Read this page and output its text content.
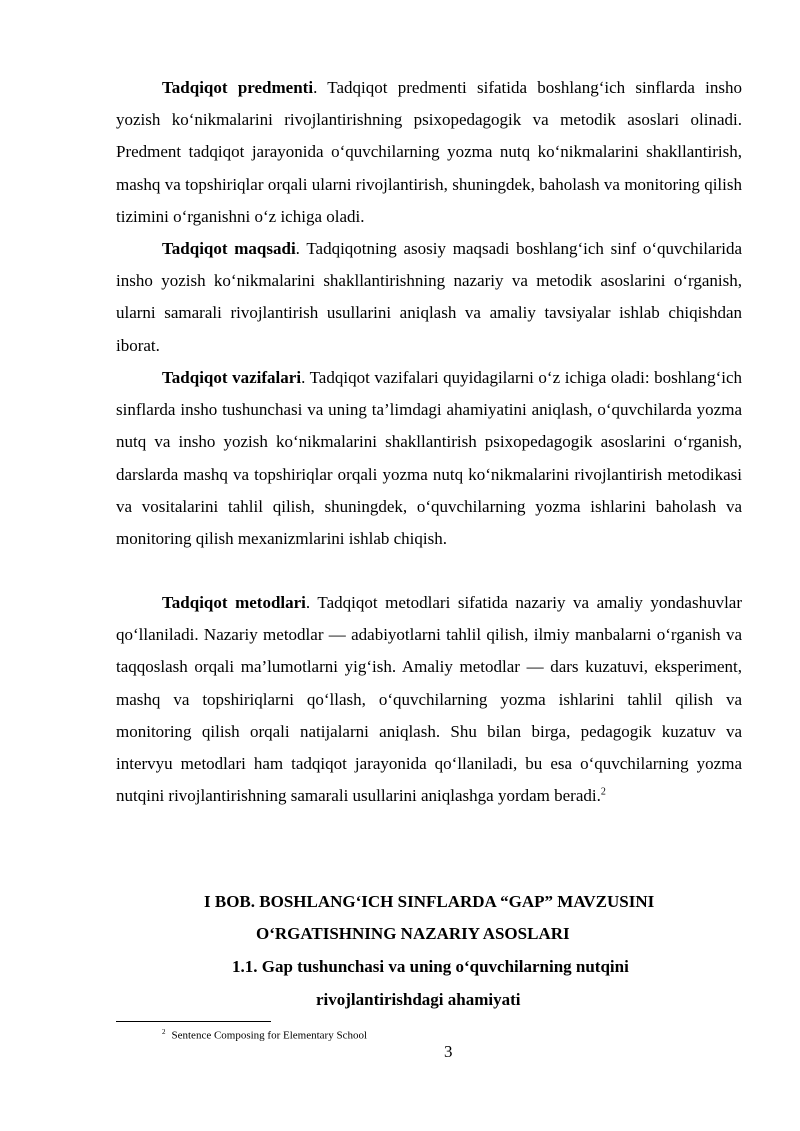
Tadqiqot predmenti. Tadqiqot predmenti sifatida boshlang‘ich sinflarda insho yozish ko‘nikmalarini rivojlantirishning psixopedagogik va metodik asoslari olinadi. Predment tadqiqot jarayonida o‘quvchilarning yozma nutq ko‘nikmalarini shakllantirish, mashq va topshiriqlar orqali ularni rivojlantirish, shuningdek, baholash va monitoring qilish tizimini o‘rganishni o‘z ichiga oladi.

Tadqiqot maqsadi. Tadqiqotning asosiy maqsadi boshlang‘ich sinf o‘quvchilarida insho yozish ko‘nikmalarini shakllantirishning nazariy va metodik asoslarini o‘rganish, ularni samarali rivojlantirish usullarini aniqlash va amaliy tavsiyalar ishlab chiqishdan iborat.

Tadqiqot vazifalari. Tadqiqot vazifalari quyidagilarni o‘z ichiga oladi: boshlang‘ich sinflarda insho tushunchasi va uning ta’limdagi ahamiyatini aniqlash, o‘quvchilarda yozma nutq va insho yozish ko‘nikmalarini shakllantirish psixopedagogik asoslarini o‘rganish, darslarda mashq va topshiriqlar orqali yozma nutq ko‘nikmalarini rivojlantirish metodikasi va vositalarini tahlil qilish, shuningdek, o‘quvchilarning yozma ishlarini baholash va monitoring qilish mexanizmlarini ishlab chiqish.

Tadqiqot metodlari. Tadqiqot metodlari sifatida nazariy va amaliy yondashuvlar qo‘llaniladi. Nazariy metodlar — adabiyotlarni tahlil qilish, ilmiy manbalarni o‘rganish va taqqoslash orqali ma’lumotlarni yig‘ish. Amaliy metodlar — dars kuzatuvi, eksperiment, mashq va topshiriqlarni qo‘llash, o‘quvchilarning yozma ishlarini tahlil qilish va monitoring qilish orqali natijalarni aniqlash. Shu bilan birga, pedagogik kuzatuv va intervyu metodlari ham tadqiqot jarayonida qo‘llaniladi, bu esa o‘quvchilarning yozma nutqini rivojlantirishning samarali usullarini aniqlashga yordam beradi.$^2$

I BOB. BOSHLANG‘ICH SINFLARDA “GAP” MAVZUSINI

O‘RGATISHNING NAZARIY ASOSLARI

1.1. Gap tushunchasi va uning o‘quvchilarning nutqini

rivojlantirishdagi ahamiyati

$^2$ Sentence Composing for Elementary School
3
